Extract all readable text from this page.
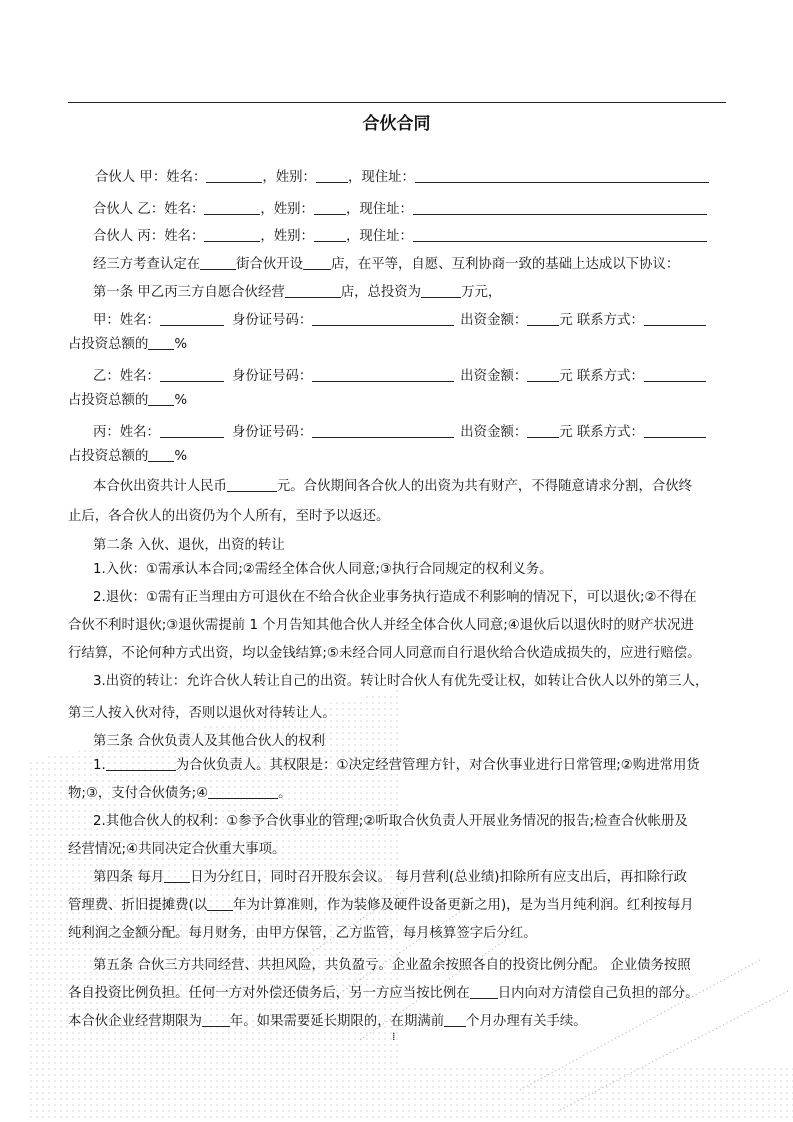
合伙合同
合伙人 甲：姓名：	，姓别： ，现住址：
合伙人 乙：姓名：	，姓别： ，现住址：
合伙人 丙：姓名：	，姓别： ，现住址：
经三方考查认定在	街合伙开设 店，在平等，自愿、互利协商一致的基础上达成以下协议：
第一条 甲乙丙三方自愿合伙经营	店，总投资为	万元，
甲：姓名：	身份证号码：	出资金额： 元 联系方式：
占投资总额的 %
乙：姓名：	身份证号码：	出资金额： 元 联系方式：
占投资总额的 %
丙：姓名：	身份证号码：	出资金额： 元 联系方式：
占投资总额的 %
本合伙出资共计人民币	元。合伙期间各合伙人的出资为共有财产，不得随意请求分割，合伙终
止后，各合伙人的出资仍为个人所有，至时予以返还。
第二条 入伙、退伙，出资的转让
1.入伙：①需承认本合同;②需经全体合伙人同意;③执行合同规定的权利义务。
2.退伙：①需有正当理由方可退伙在不给合伙企业事务执行造成不利影响的情况下，可以退伙;②不得在
合伙不利时退伙;③退伙需提前 1 个月告知其他合伙人并经全体合伙人同意;④退伙后以退伙时的财产状况进
行结算，不论何种方式出资，均以金钱结算;⑤未经合同人同意而自行退伙给合伙造成损失的，应进行赔偿。
3.出资的转让：允许合伙人转让自己的出资。转让时合伙人有优先受让权，如转让合伙人以外的第三人，
第三人按入伙对待，否则以退伙对待转让人。
第三条 合伙负责人及其他合伙人的权利
1.	为合伙负责人。其权限是：①决定经营管理方针，对合伙事业进行日常管理;②购进常用货
物;③，支付合伙债务;④	。
2.其他合伙人的权利：①参予合伙事业的管理;②听取合伙负责人开展业务情况的报告;检查合伙帐册及
经营情况;④共同决定合伙重大事项。
第四条 每月 日为分红日，同时召开股东会议。 每月营利(总业绩)扣除所有应支出后，再扣除行政
管理费、折旧提摊费(以 年为计算准则，作为装修及硬件设备更新之用)，是为当月纯利润。红利按每月
纯利润之金额分配。每月财务，由甲方保管，乙方监管，每月核算签字后分红。
第五条 合伙三方共同经营、共担风险，共负盈亏。企业盈余按照各自的投资比例分配。 企业债务按照
各自投资比例负担。任何一方对外偿还债务后，另一方应当按比例在 日内向对方清偿自己负担的部分。
本合伙企业经营期限为 年。如果需要延长期限的，在期满前 个月办理有关手续。
⁞
